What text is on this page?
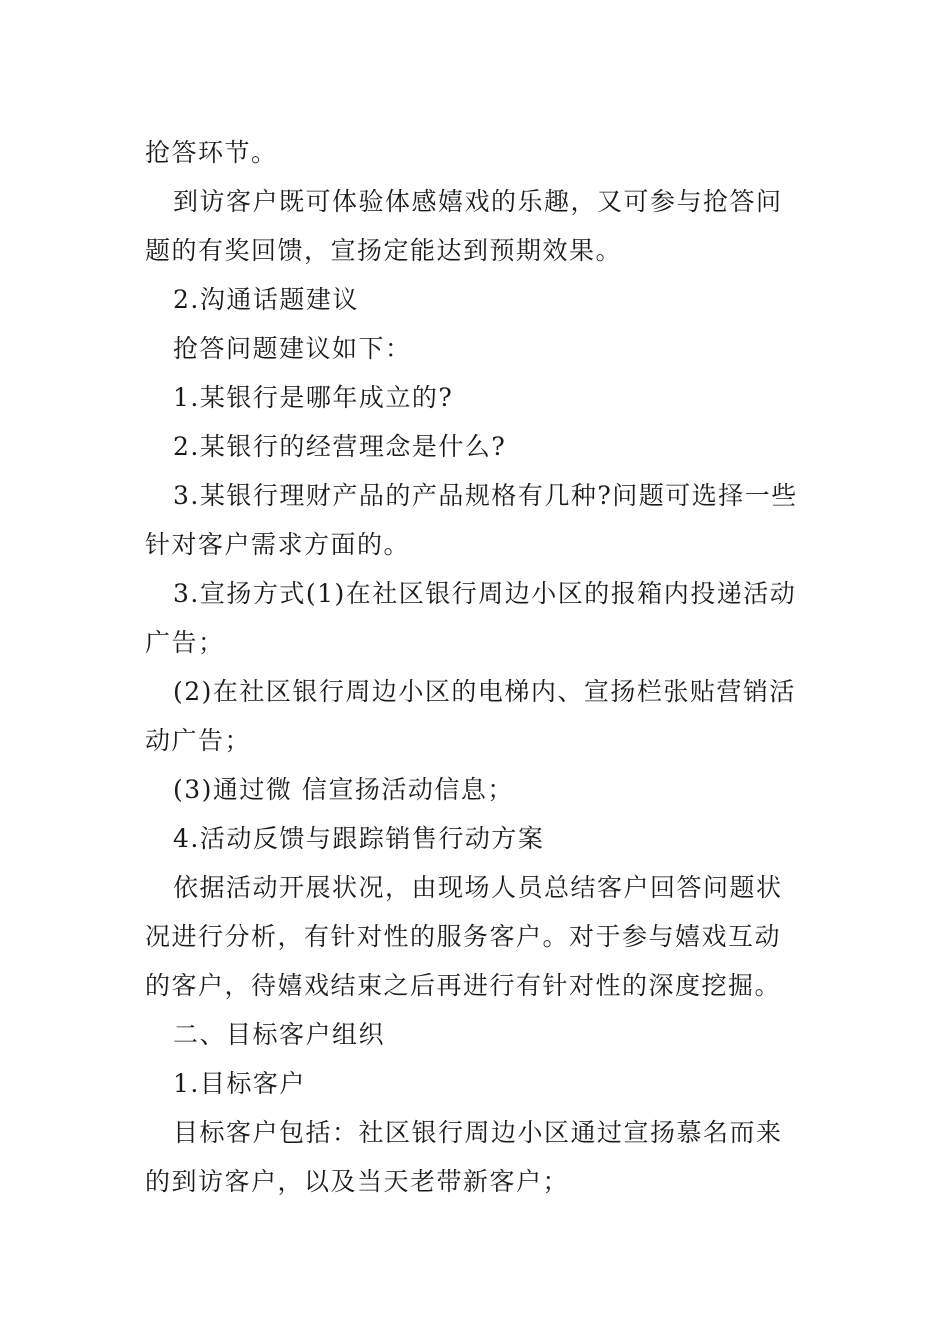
抢答环节。

到访客户既可体验体感嬉戏的乐趣，又可参与抢答问题的有奖回馈，宣扬定能达到预期效果。

2.沟通话题建议

抢答问题建议如下：

1.某银行是哪年成立的?

2.某银行的经营理念是什么?

3.某银行理财产品的产品规格有几种?问题可选择一些针对客户需求方面的。

3.宣扬方式(1)在社区银行周边小区的报箱内投递活动广告；

(2)在社区银行周边小区的电梯内、宣扬栏张贴营销活动广告；

(3)通过微 信宣扬活动信息；

4.活动反馈与跟踪销售行动方案

依据活动开展状况，由现场人员总结客户回答问题状况进行分析，有针对性的服务客户。对于参与嬉戏互动的客户，待嬉戏结束之后再进行有针对性的深度挖掘。

二、目标客户组织

1.目标客户

目标客户包括：社区银行周边小区通过宣扬慕名而来的到访客户，以及当天老带新客户；
